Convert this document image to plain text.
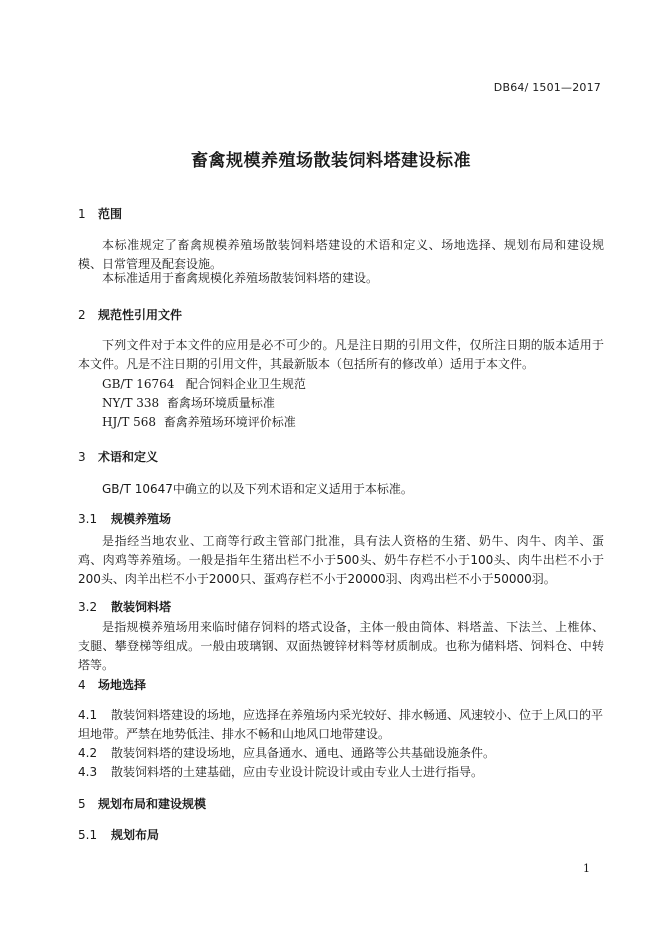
DB64/ 1501—2017
畜禽规模养殖场散装饲料塔建设标准
1 范围
本标准规定了畜禽规模养殖场散装饲料塔建设的术语和定义、场地选择、规划布局和建设规模、日常管理及配套设施。
本标准适用于畜禽规模化养殖场散装饲料塔的建设。
2 规范性引用文件
下列文件对于本文件的应用是必不可少的。凡是注日期的引用文件，仅所注日期的版本适用于本文件。凡是不注日期的引用文件，其最新版本（包括所有的修改单）适用于本文件。
GB/T 16764 配合饲料企业卫生规范
NY/T 338 畜禽场环境质量标准
HJ/T 568 畜禽养殖场环境评价标准
3 术语和定义
GB/T 10647中确立的以及下列术语和定义适用于本标准。
3.1 规模养殖场
是指经当地农业、工商等行政主管部门批准，具有法人资格的生猪、奶牛、肉牛、肉羊、蛋鸡、肉鸡等养殖场。一般是指年生猪出栏不小于500头、奶牛存栏不小于100头、肉牛出栏不小于200头、肉羊出栏不小于2000只、蛋鸡存栏不小于20000羽、肉鸡出栏不小于50000羽。
3.2 散装饲料塔
是指规模养殖场用来临时储存饲料的塔式设备，主体一般由筒体、料塔盖、下法兰、上椎体、支腿、攀登梯等组成。一般由玻璃钢、双面热镀锌材料等材质制成。也称为储料塔、饲料仓、中转塔等。
4 场地选择
4.1 散装饲料塔建设的场地，应选择在养殖场内采光较好、排水畅通、风速较小、位于上风口的平坦地带。严禁在地势低洼、排水不畅和山地风口地带建设。
4.2 散装饲料塔的建设场地，应具备通水、通电、通路等公共基础设施条件。
4.3 散装饲料塔的土建基础，应由专业设计院设计或由专业人士进行指导。
5 规划布局和建设规模
5.1 规划布局
1
